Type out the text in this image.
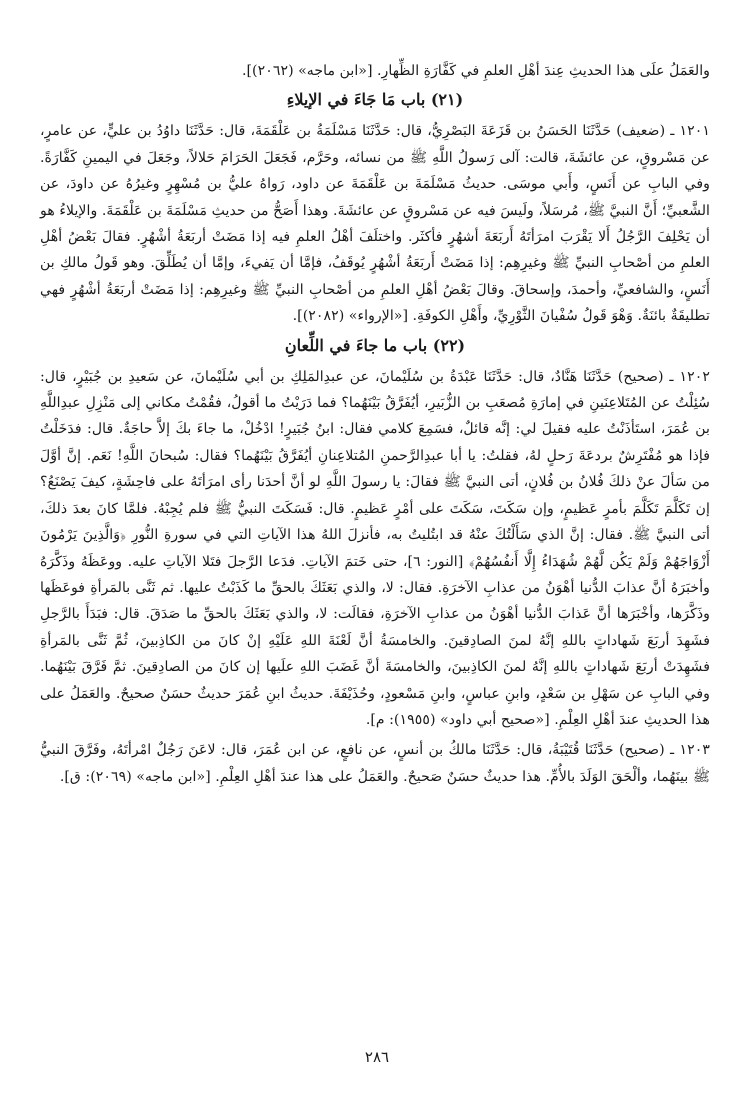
والعَمَلُ علَى هذا الحديثِ عِندَ أهْلِ العلمِ في كَفَّارَةِ الظِّهارِ. [«ابن ماجه» (٢٠٦٢)].

(٢١) باب مَا جَاءَ في الإيلاءِ

١٢٠١ ـ (ضعيف) حَدَّثَنَا الحَسَنُ بن قَزَعَةَ البَصْرِيُّ، قال: حَدَّثَنَا مَسْلَمَةُ بن عَلْقَمَةَ، قال: حَدَّثَنَا داوُدُ بن عليٍّ، عن عامرٍ، عن مَسْروقٍ، عن عائشَةَ، قالت: آلى رَسولُ اللَّهِ ﷺ من نسائه، وحَرَّم، فَجَعَلَ الحَرَامَ حَلالاً، وجَعَلَ في اليمينِ كَفَّارَةً. وفي البابِ عن أَنَسٍ، وأَبي موسَى. حديثُ مَسْلَمَةَ بن عَلْقَمَةَ عن داود، رَواهُ عليُّ بن مُسْهِرٍ وغيرُهُ عن داودَ، عن الشَّعبيِّ؛ أَنَّ النبيَّ ﷺ، مُرسَلاً، ولَيسَ فيه عن مَسْروقٍ عن عائشَةَ. وهذا أَصَحُّ من حديثِ مَسْلَمَةَ بن عَلْقَمَةَ. والإيلاءُ هو أن يَحْلِفَ الرَّجُلُ أَلا يَقْرَبَ امرَأتَهُ أَربَعَةَ أشهُرٍ فأكثَر. واختلَفَ أهْلُ العلمِ فيه إذا مَضَتْ أربَعَةُ أشْهُرٍ. فقالَ بَعْضُ أهْلِ العلمِ من أصْحابِ النبيِّ ﷺ وغيرِهِم: إذا مَضَتْ أَربَعَةُ أشْهُرٍ يُوقَفُ، فإمَّا أن يَفيءَ، وإمَّا أن يُطَلِّقَ. وهو قَولُ مالكِ بن أَنَسٍ، والشافعيِّ، وأحمدَ، وإسحاقَ. وقالَ بَعْضُ أهْلِ العلمِ من أصْحابِ النبيِّ ﷺ وغيرِهِم: إذا مَضَتْ أربَعَةُ أشْهُرٍ فهي تطليقَةٌ بائنَةٌ. وَهْوَ قَولُ سُفْيانَ الثَّوْرِيِّ، وأَهْلِ الكوفَةِ. [«الإرواء» (٢٠٨٢)].

(٢٢) باب ما جاءَ في اللِّعانِ

١٢٠٢ ـ (صحيح) حَدَّثَنَا هَنَّادٌ، قال: حَدَّثَنَا عَبْدَةُ بن سُلَيْمانَ، عن عبدِالمَلِكِ بن أبي سُلَيْمانَ، عن سَعيدِ بن جُبَيْرٍ، قال: سُئِلْتُ عن المُتَلاعِنَينِ في إمارَةِ مُصعَبِ بن الزُّبَيرِ، أيُفَرَّقُ بَيْنَهُما؟ فما دَرَيْتُ ما أقولُ، فقُمْتُ مكاني إلى مَنْزِلِ عبدِاللَّهِ بن عُمَرَ، استَأذَنْتُ عليه فقيلَ لي: إنَّه قائلٌ، فسَمِعَ كلامي فقال: ابنُ جُبَيرٍ! ادْخُلْ، ما جاءَ بكَ إلاَّ حاجَةٌ. قال: فدَخَلْتُ فإذا هو مُفْتَرِشٌ بردعَةَ رَحلٍ لهُ، فقلتُ: يا أبا عبدِالرَّحمنِ المُتلاعِنانِ أيُفَرَّقُ بَيْنَهُما؟ فقال: سُبحانَ اللَّهِ! نَعَم. إنَّ أوَّلَ من سَألَ عنْ ذلكَ فُلانُ بن فُلانٍ، أتى النبيَّ ﷺ فقالَ: يا رسولَ اللَّهِ لو أنَّ أحدَنا رأى امرَأتَهُ على فاحِشَةٍ، كيفَ يَصْنَعُ؟ إن تَكَلَّمَ تَكَلَّمَ بأمرٍ عَظيمٍ، وإن سَكَتَ، سَكَتَ على أمْرٍ عَظيمٍ. قال: فَسَكَتَ النبيُّ ﷺ فلم يُجِبْهُ. فلمَّا كانَ بعدَ ذلكَ، أتى النبيَّ ﷺ. فقال: إنَّ الذي سَأَلْتُكَ عنْهُ قد ابتُليتُ به، فأنزلَ اللهُ هذا الآياتِ التي في سورةِ النُّورِ ﴿وَالَّذِينَ يَرْمُونَ أَزْوَاجَهُمْ وَلَمْ يَكُن لَّهُمْ شُهَدَاءُ إِلَّا أَنفُسُهُمْ﴾ [النور: ٦]، حتى خَتمَ الآياتِ. فدَعا الرَّجلَ فتَلا الآياتِ عليه. ووعَظَهُ وذَكَّرَهُ وأخبَرَهُ أنَّ عذابَ الدُّنيا أهْوَنُ من عذابِ الآخرَةِ. فقال: لا، والذي بَعَثَكَ بالحقِّ ما كَذَبْتُ عليها. ثم ثَنَّى بالمَرأةِ فوعَظَها وذَكَّرَها، وأخْبَرَها أنَّ عَذابَ الدُّنيا أهْوَنُ من عذابِ الآخرَةِ، فقالَت: لا، والذي بَعَثَكَ بالحقِّ ما صَدَقَ. قال: فبَدَأَ بالرَّجلِ فشَهِدَ أربَعَ شَهاداتٍ باللهِ إنَّهُ لمنَ الصادِقينَ. والخامسَةُ أنَّ لَعْنَةَ اللهِ عَلَيْهِ إنْ كانَ من الكاذِبينَ، ثُمَّ ثَنَّى بالمَرأةِ فشَهِدَتْ أربَعَ شَهاداتٍ باللهِ إنَّهُ لمنَ الكاذِبينَ، والخامسَةَ أنَّ غَضَبَ اللهِ علَيها إن كانَ من الصادِقينَ. ثمَّ فَرَّقَ بَيْنَهُما. وفي البابِ عن سَهْلِ بن سَعْدٍ، وابنِ عباسٍ، وابنِ مَسْعودٍ، وحُذَيْفَةَ. حديثُ ابنِ عُمَرَ حديثٌ حسَنٌ صحيحٌ. والعَمَلُ على هذا الحديثِ عندَ أهْلِ العِلْمِ. [«صحيح أبي داود» (١٩٥٥): م].

١٢٠٣ ـ (صحيح) حَدَّثَنَا قُتَيْبَةُ، قال: حَدَّثَنَا مالكُ بن أنسٍ، عن نافعٍ، عن ابن عُمَرَ، قال: لاعَنَ رَجُلٌ امْرأتَهُ، وفَرَّقَ النبيُّ ﷺ بينَهُما، وألْحَقَ الوَلَدَ بالأُمِّ. هذا حديثٌ حسَنٌ صَحيحٌ. والعَمَلُ على هذا عندَ أهْلِ العِلْمِ. [«ابن ماجه» (٢٠٦٩): ق].

٢٨٦
